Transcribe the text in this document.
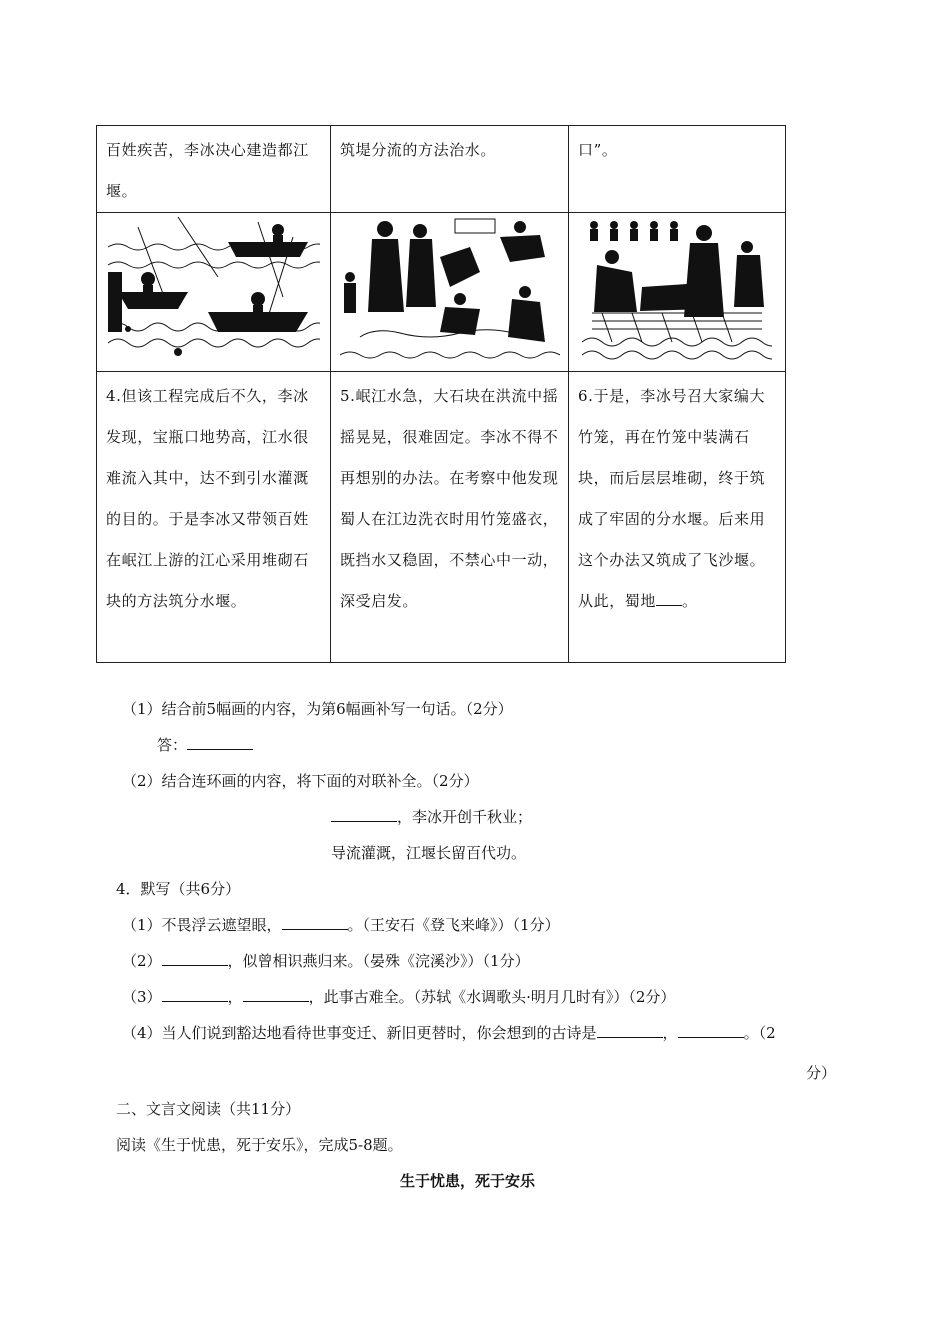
百姓疾苦，李冰决心建造都江堰。	筑堤分流的方法治水。	口”。

4.但该工程完成后不久，李冰发现，宝瓶口地势高，江水很难流入其中，达不到引水灌溉的目的。于是李冰又带领百姓在岷江上游的江心采用堆砌石块的方法筑分水堰。	5.岷江水急，大石块在洪流中摇摇晃晃，很难固定。李冰不得不再想别的办法。在考察中他发现蜀人在江边洗衣时用竹笼盛衣，既挡水又稳固，不禁心中一动，深受启发。	6.于是，李冰号召大家编大竹笼，再在竹笼中装满石块，而后层层堆砌，终于筑成了牢固的分水堰。后来用这个办法又筑成了飞沙堰。从此，蜀地 。
（1）结合前5幅画的内容，为第6幅画补写一句话。（2分）
答：
（2）结合连环画的内容，将下面的对联补全。（2分）
，李冰开创千秋业；
导流灌溉，江堰长留百代功。
4．默写（共6分）
（1）不畏浮云遮望眼，	。（王安石《登飞来峰》）（1分）
（2）	，似曾相识燕归来。（晏殊《浣溪沙》）（1分）
（3）	，	，此事古难全。（苏轼《水调歌头·明月几时有》）（2分）
（4）当人们说到豁达地看待世事变迁、新旧更替时，你会想到的古诗是	，	。（2
分）
二、文言文阅读（共11分）
阅读《生于忧患，死于安乐》，完成5-8题。
生于忧患，死于安乐
